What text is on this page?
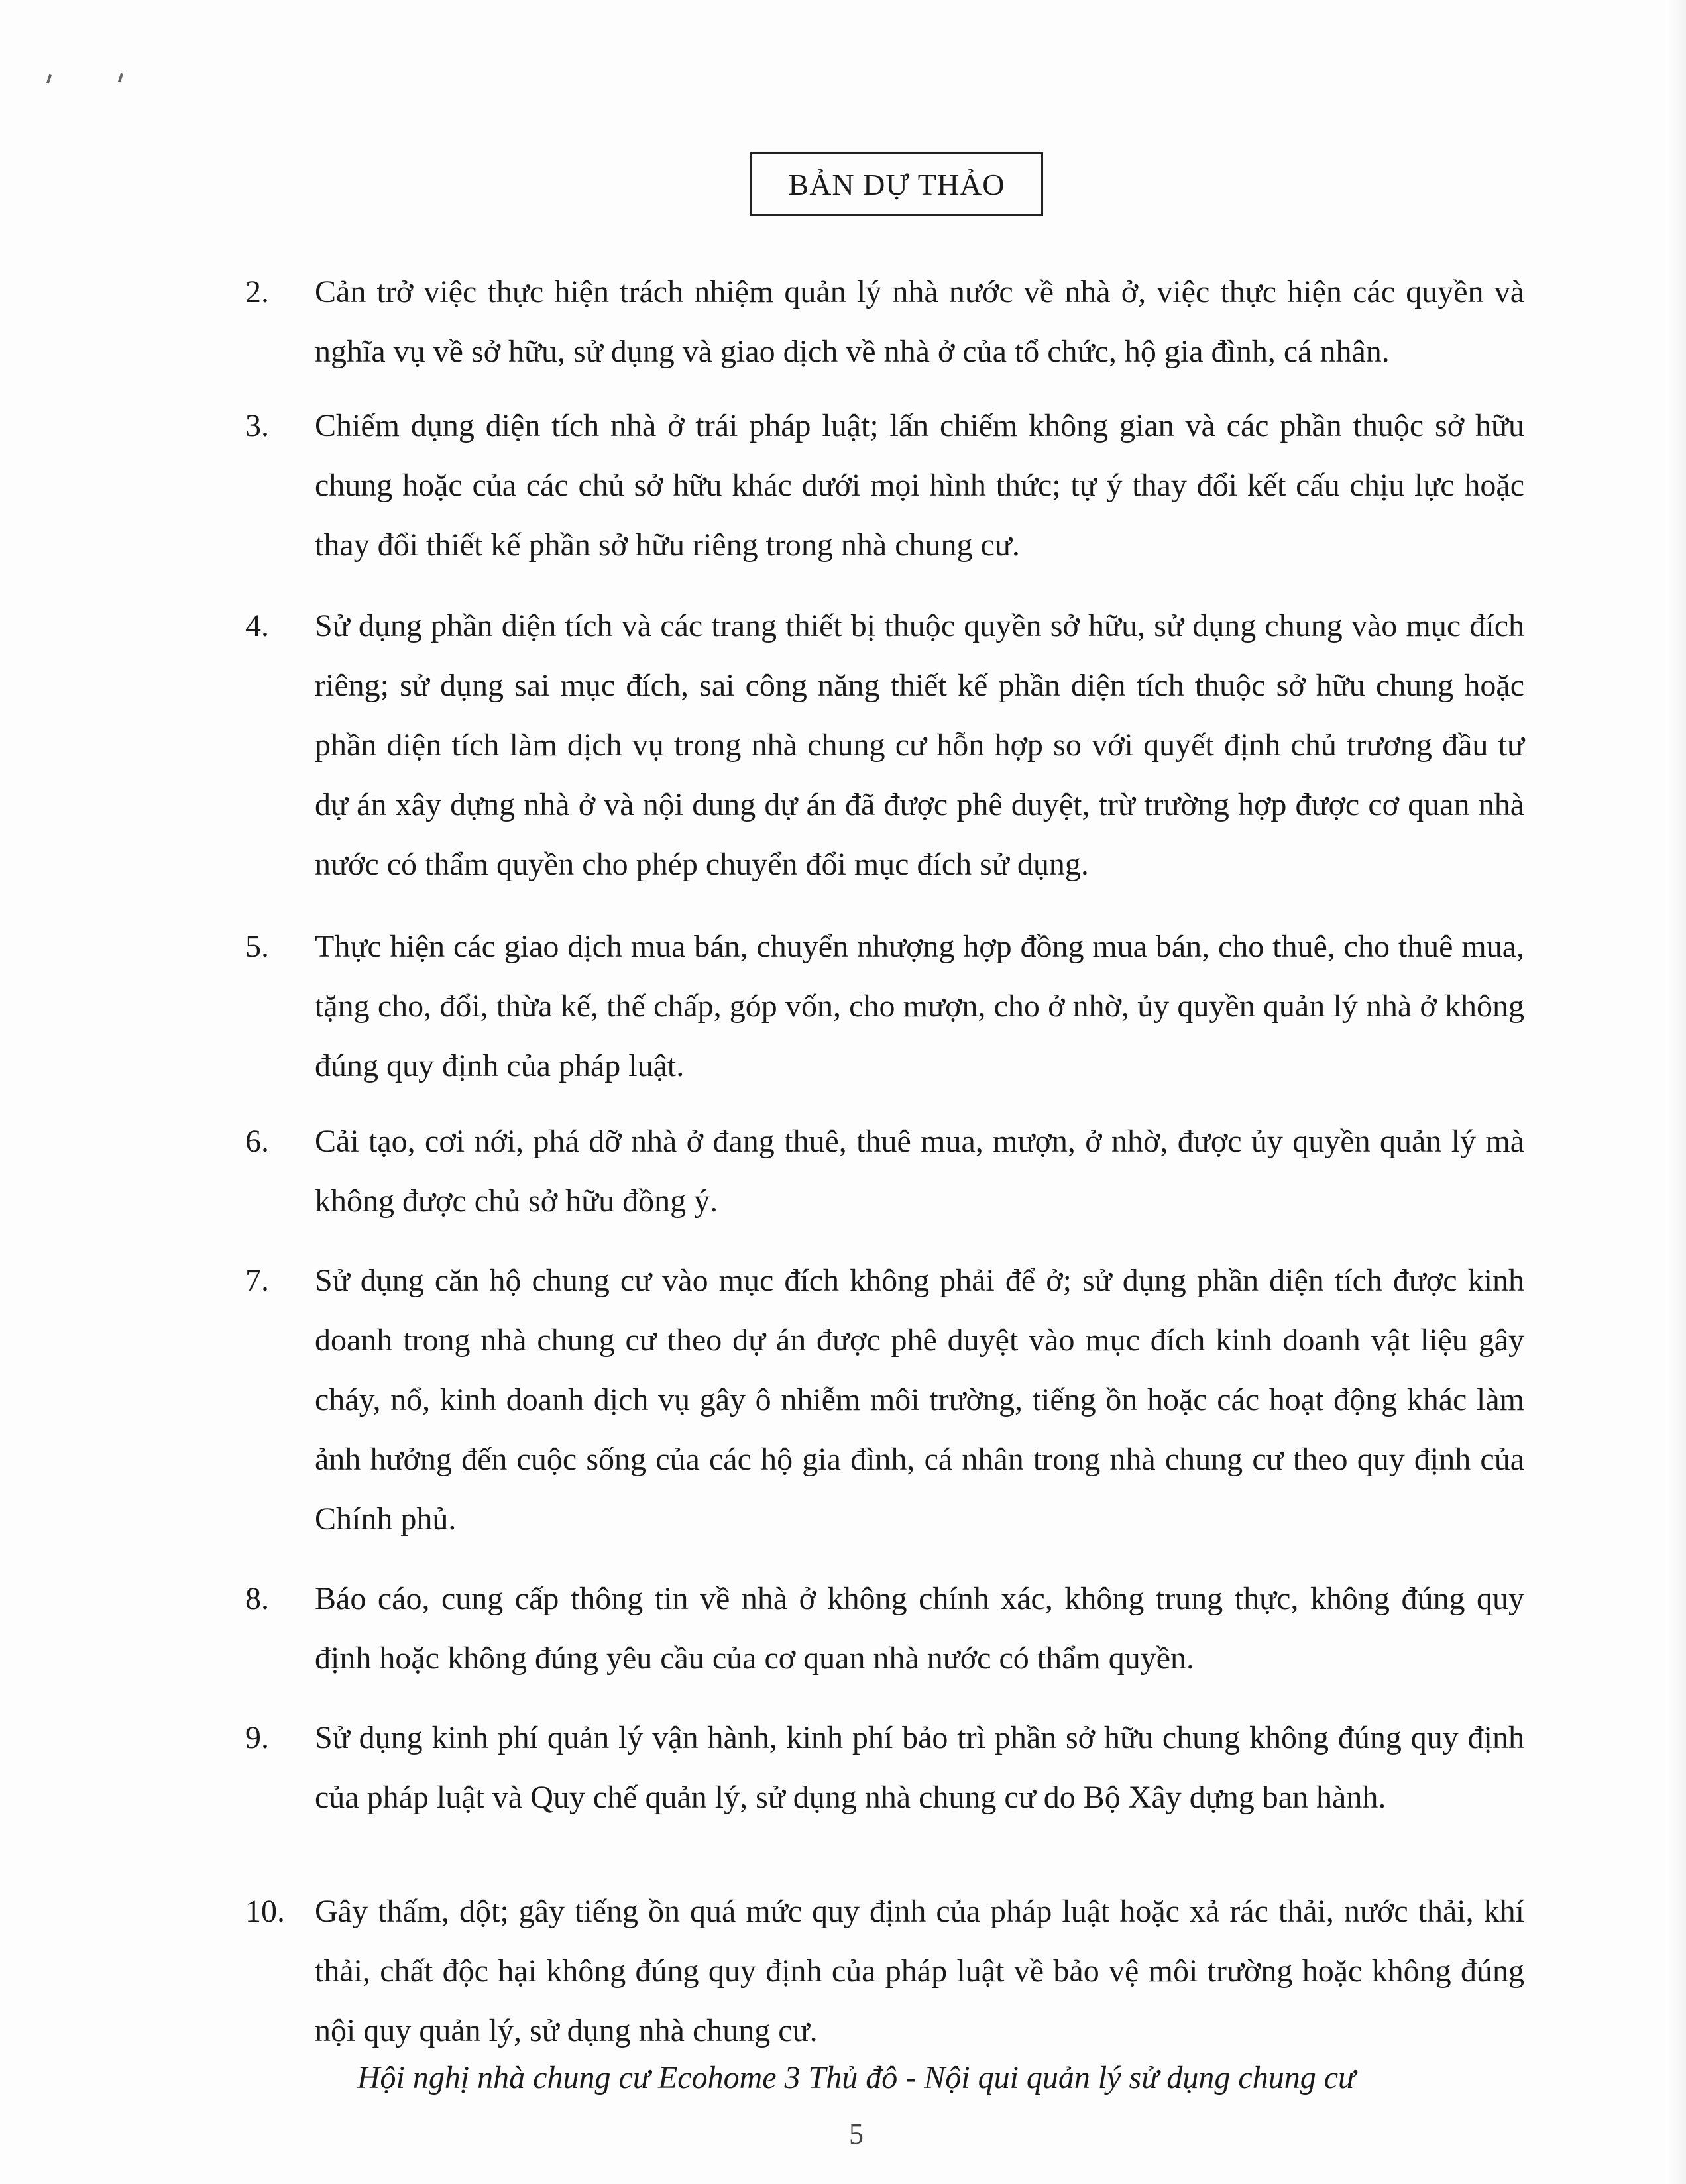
BẢN DỰ THẢO
2.	Cản trở việc thực hiện trách nhiệm quản lý nhà nước về nhà ở, việc thực hiện các quyền và nghĩa vụ về sở hữu, sử dụng và giao dịch về nhà ở của tổ chức, hộ gia đình, cá nhân.
3.	Chiếm dụng diện tích nhà ở trái pháp luật; lấn chiếm không gian và các phần thuộc sở hữu chung hoặc của các chủ sở hữu khác dưới mọi hình thức; tự ý thay đổi kết cấu chịu lực hoặc thay đổi thiết kế phần sở hữu riêng trong nhà chung cư.
4.	Sử dụng phần diện tích và các trang thiết bị thuộc quyền sở hữu, sử dụng chung vào mục đích riêng; sử dụng sai mục đích, sai công năng thiết kế phần diện tích thuộc sở hữu chung hoặc phần diện tích làm dịch vụ trong nhà chung cư hỗn hợp so với quyết định chủ trương đầu tư dự án xây dựng nhà ở và nội dung dự án đã được phê duyệt, trừ trường hợp được cơ quan nhà nước có thẩm quyền cho phép chuyển đổi mục đích sử dụng.
5.	Thực hiện các giao dịch mua bán, chuyển nhượng hợp đồng mua bán, cho thuê, cho thuê mua, tặng cho, đổi, thừa kế, thế chấp, góp vốn, cho mượn, cho ở nhờ, ủy quyền quản lý nhà ở không đúng quy định của pháp luật.
6.	Cải tạo, cơi nới, phá dỡ nhà ở đang thuê, thuê mua, mượn, ở nhờ, được ủy quyền quản lý mà không được chủ sở hữu đồng ý.
7.	Sử dụng căn hộ chung cư vào mục đích không phải để ở; sử dụng phần diện tích được kinh doanh trong nhà chung cư theo dự án được phê duyệt vào mục đích kinh doanh vật liệu gây cháy, nổ, kinh doanh dịch vụ gây ô nhiễm môi trường, tiếng ồn hoặc các hoạt động khác làm ảnh hưởng đến cuộc sống của các hộ gia đình, cá nhân trong nhà chung cư theo quy định của Chính phủ.
8.	Báo cáo, cung cấp thông tin về nhà ở không chính xác, không trung thực, không đúng quy định hoặc không đúng yêu cầu của cơ quan nhà nước có thẩm quyền.
9.	Sử dụng kinh phí quản lý vận hành, kinh phí bảo trì phần sở hữu chung không đúng quy định của pháp luật và Quy chế quản lý, sử dụng nhà chung cư do Bộ Xây dựng ban hành.
10. Gây thấm, dột; gây tiếng ồn quá mức quy định của pháp luật hoặc xả rác thải, nước thải, khí thải, chất độc hại không đúng quy định của pháp luật về bảo vệ môi trường hoặc không đúng nội quy quản lý, sử dụng nhà chung cư.
Hội nghị nhà chung cư Ecohome 3 Thủ đô - Nội qui quản lý sử dụng chung cư
5
